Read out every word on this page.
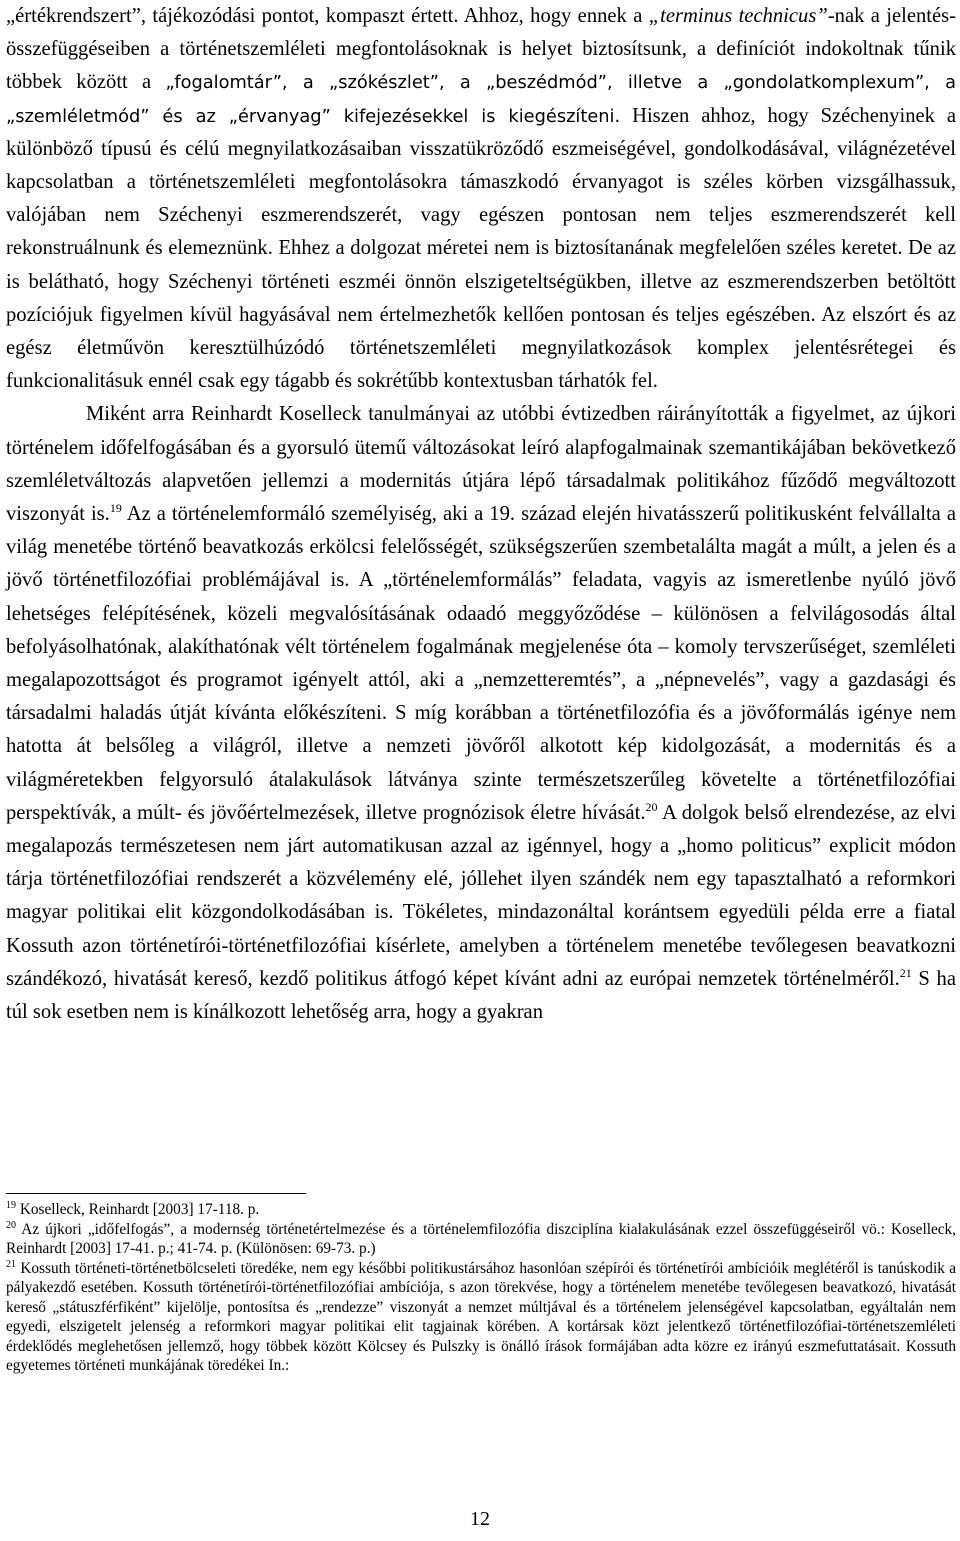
„értékrendszert”, tájékozódási pontot, kompaszt értett. Ahhoz, hogy ennek a „terminus technicus”-nak a jelentés-összefüggéseiben a történetszemléleti megfontolásoknak is helyet biztosítsunk, a definíciót indokoltnak tűnik többek között a „fogalomtár”, a „szókészlet”, a „beszédmód”, illetve a „gondolatkomplexum”, a „szemléletmód” és az „érvanyag” kifejezésekkel is kiegészíteni. Hiszen ahhoz, hogy Széchenyinek a különböző típusú és célú megnyilatkozásaiban visszatükröződő eszmeiségével, gondolkodásával, világnézetével kapcsolatban a történetszemléleti megfontolásokra támaszkodó érvanyagot is széles körben vizsgálhassuk, valójában nem Széchenyi eszmerendszerét, vagy egészen pontosan nem teljes eszmerendszerét kell rekonstruálnunk és elemeznünk. Ehhez a dolgozat méretei nem is biztosítanának megfelelően széles keretet. De az is belátható, hogy Széchenyi történeti eszméi önnön elszigeteltségükben, illetve az eszmerendszerben betöltött pozíciójuk figyelmen kívül hagyásával nem értelmezhetők kellően pontosan és teljes egészében. Az elszórt és az egész életművön keresztülhúzódó történetszemléleti megnyilatkozások komplex jelentésrétegei és funkcionalitásuk ennél csak egy tágabb és sokrétűbb kontextusban tárhatók fel.

Miként arra Reinhardt Koselleck tanulmányai az utóbbi évtizedben ráirányították a figyelmet, az újkori történelem időfelfogásában és a gyorsuló ütemű változásokat leíró alapfogalmainak szemantikájában bekövetkező szemléletváltozás alapvetően jellemzi a modernitás útjára lépő társadalmak politikához fűződő megváltozott viszonyát is.$^{19}$ Az a történelemformáló személyiség, aki a 19. század elején hivatásszerű politikusként felvállalta a világ menetébe történő beavatkozás erkölcsi felelősségét, szükségszerűen szembetalálta magát a múlt, a jelen és a jövő történetfilozófiai problémájával is. A „történelemformálás” feladata, vagyis az ismeretlenbe nyúló jövő lehetséges felépítésének, közeli megvalósításának odaadó meggyőződése – különösen a felvilágosodás által befolyásolhatónak, alakíthatónak vélt történelem fogalmának megjelenése óta – komoly tervszerűséget, szemléleti megalapozottságot és programot igényelt attól, aki a „nemzetteremtés”, a „népnevelés”, vagy a gazdasági és társadalmi haladás útját kívánta előkészíteni. S míg korábban a történetfilozófia és a jövőformálás igénye nem hatotta át belsőleg a világról, illetve a nemzeti jövőről alkotott kép kidolgozását, a modernitás és a világméretekben felgyorsuló átalakulások látványa szinte természetszerűleg követelte a történetfilozófiai perspektívák, a múlt- és jövőértelmezések, illetve prognózisok életre hívását.$^{20}$ A dolgok belső elrendezése, az elvi megalapozás természetesen nem járt automatikusan azzal az igénnyel, hogy a „homo politicus” explicit módon tárja történetfilozófiai rendszerét a közvélemény elé, jóllehet ilyen szándék nem egy tapasztalható a reformkori magyar politikai elit közgondolkodásában is. Tökéletes, mindazonáltal korántsem egyedüli példa erre a fiatal Kossuth azon történetírói-történetfilozófiai kísérlete, amelyben a történelem menetébe tevőlegesen beavatkozni szándékozó, hivatását kereső, kezdő politikus átfogó képet kívánt adni az európai nemzetek történelméről.$^{21}$ S ha túl sok esetben nem is kínálkozott lehetőség arra, hogy a gyakran

$^{19}$ Koselleck, Reinhardt [2003] 17-118. p.

$^{20}$ Az újkori „időfelfogás”, a modernség történetértelmezése és a történelemfilozófia diszciplína kialakulásának ezzel összefüggéseiről vö.: Koselleck, Reinhardt [2003] 17-41. p.; 41-74. p. (Különösen: 69-73. p.)

$^{21}$ Kossuth történeti-történetbölcseleti töredéke, nem egy későbbi politikustársához hasonlóan szépírói és történetírói ambícióik meglétéről is tanúskodik a pályakezdő esetében. Kossuth történetírói-történetfilozófiai ambíciója, s azon törekvése, hogy a történelem menetébe tevőlegesen beavatkozó, hivatását kereső „státuszférfiként” kijelölje, pontosítsa és „rendezze” viszonyát a nemzet múltjával és a történelem jelenségével kapcsolatban, egyáltalán nem egyedi, elszigetelt jelenség a reformkori magyar politikai elit tagjainak körében. A kortársak közt jelentkező történetfilozófiai-történetszemléleti érdeklődés meglehetősen jellemző, hogy többek között Kölcsey és Pulszky is önálló írások formájában adta közre ez irányú eszmefuttatásait. Kossuth egyetemes történeti munkájának töredékei In.:

12
